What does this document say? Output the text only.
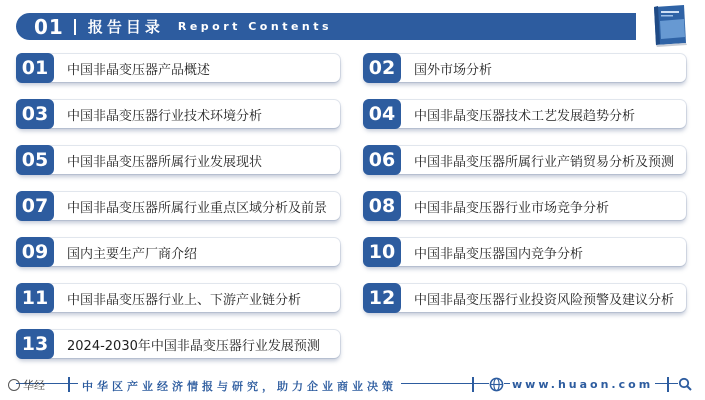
01 报告目录 Report Contents
01	中国非晶变压器产品概述
03	中国非晶变压器行业技术环境分析
05	中国非晶变压器所属行业发展现状
07	中国非晶变压器所属行业重点区域分析及前景
09	国内主要生产厂商介绍
11	中国非晶变压器行业上、下游产业链分析
13	2024-2030年中国非晶变压器行业发展预测
02	国外市场分析
04	中国非晶变压器技术工艺发展趋势分析
06	中国非晶变压器所属行业产销贸易分析及预测
08	中国非晶变压器行业市场竞争分析
10	中国非晶变压器国内竞争分析
12	中国非晶变压器行业投资风险预警及建议分析
华经	中华区产业经济情报与研究，助力企业商业决策	www.huaon.com
